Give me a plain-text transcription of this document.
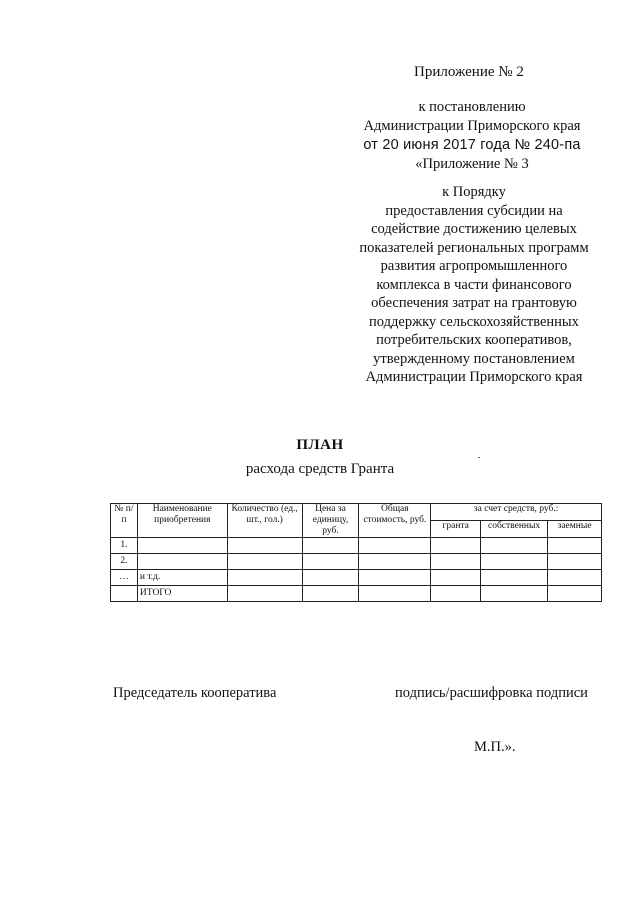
Приложение № 2
к постановлению
Администрации Приморского края
от 20 июня 2017 года № 240-па
«Приложение № 3
к Порядку
предоставления субсидии на
содействие достижению целевых
показателей региональных программ
развития агропромышленного
комплекса в части финансового
обеспечения затрат на грантовую
поддержку сельскохозяйственных
потребительских кооперативов,
утвержденному постановлением
Администрации Приморского края
ПЛАН
расхода средств Гранта
№ п/п	Наименование приобретения	Количество (ед., шт., гол.)	Цена за единицу, руб.	Общая стоимость, руб.	за счет средств, руб.:		
					гранта	собственных	заемные
1.							
2.							
…	и т.д.						
	ИТОГО						
Председатель кооператива	подпись/расшифровка подписи
М.П.».
